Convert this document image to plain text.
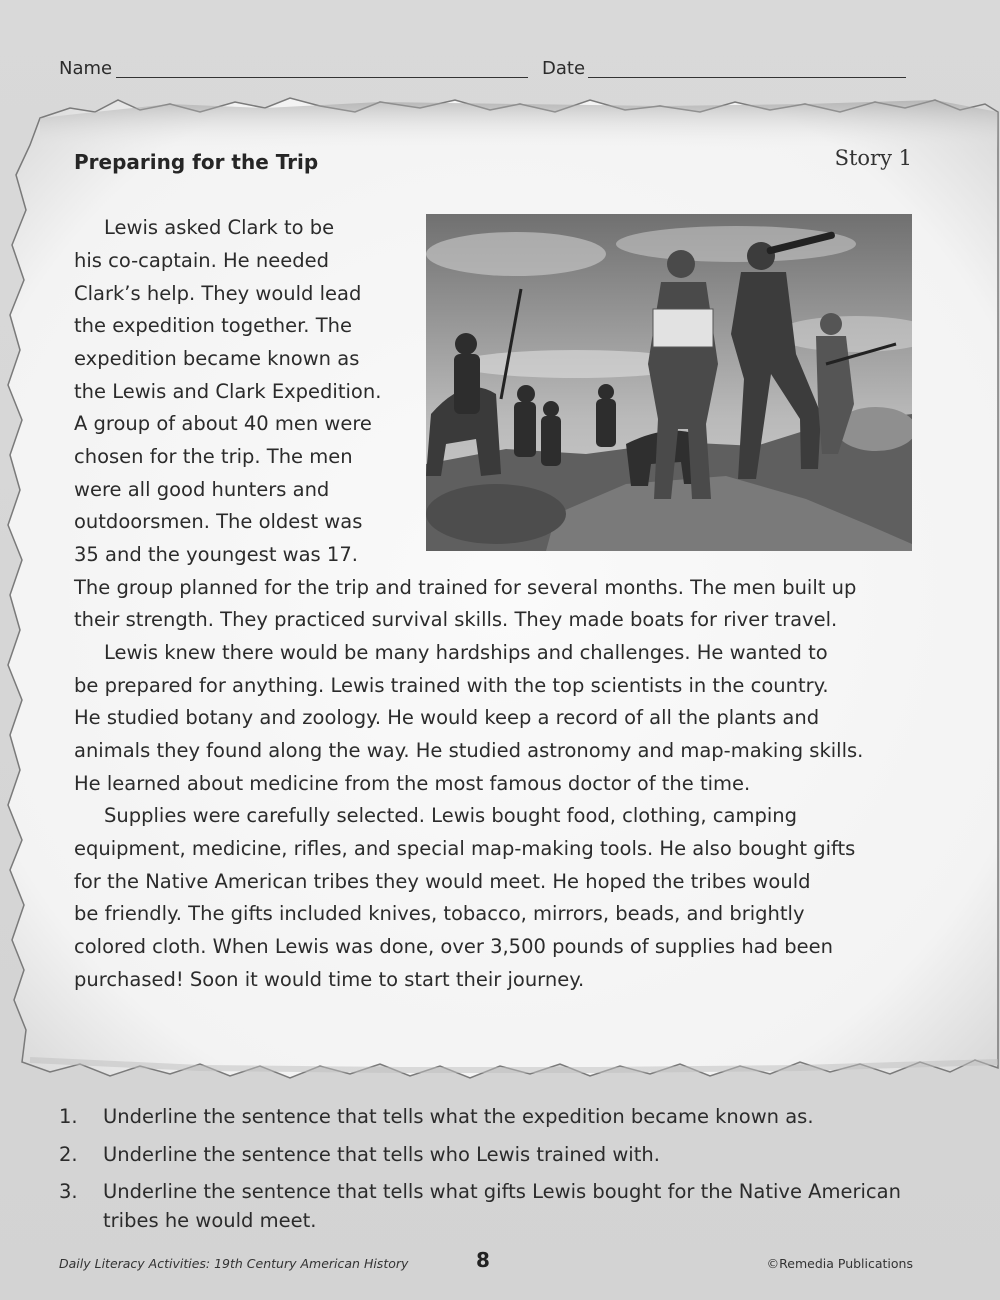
Name	Date
Preparing for the Trip	Story 1
Lewis asked Clark to be
his co-captain. He needed
Clark’s help. They would lead
the expedition together. The
expedition became known as
the Lewis and Clark Expedition.
A group of about 40 men were
chosen for the trip. The men
were all good hunters and
outdoorsmen. The oldest was
35 and the youngest was 17.
The group planned for the trip and trained for several months. The men built up
their strength. They practiced survival skills. They made boats for river travel.
Lewis knew there would be many hardships and challenges. He wanted to
be prepared for anything. Lewis trained with the top scientists in the country.
He studied botany and zoology. He would keep a record of all the plants and
animals they found along the way. He studied astronomy and map-making skills.
He learned about medicine from the most famous doctor of the time.
Supplies were carefully selected. Lewis bought food, clothing, camping
equipment, medicine, rifles, and special map-making tools. He also bought gifts
for the Native American tribes they would meet. He hoped the tribes would
be friendly. The gifts included knives, tobacco, mirrors, beads, and brightly
colored cloth. When Lewis was done, over 3,500 pounds of supplies had been
purchased! Soon it would time to start their journey.
1. Underline the sentence that tells what the expedition became known as.
2. Underline the sentence that tells who Lewis trained with.
3. Underline the sentence that tells what gifts Lewis bought for the Native American tribes he would meet.
Daily Literacy Activities: 19th Century American History	8	©Remedia Publications
